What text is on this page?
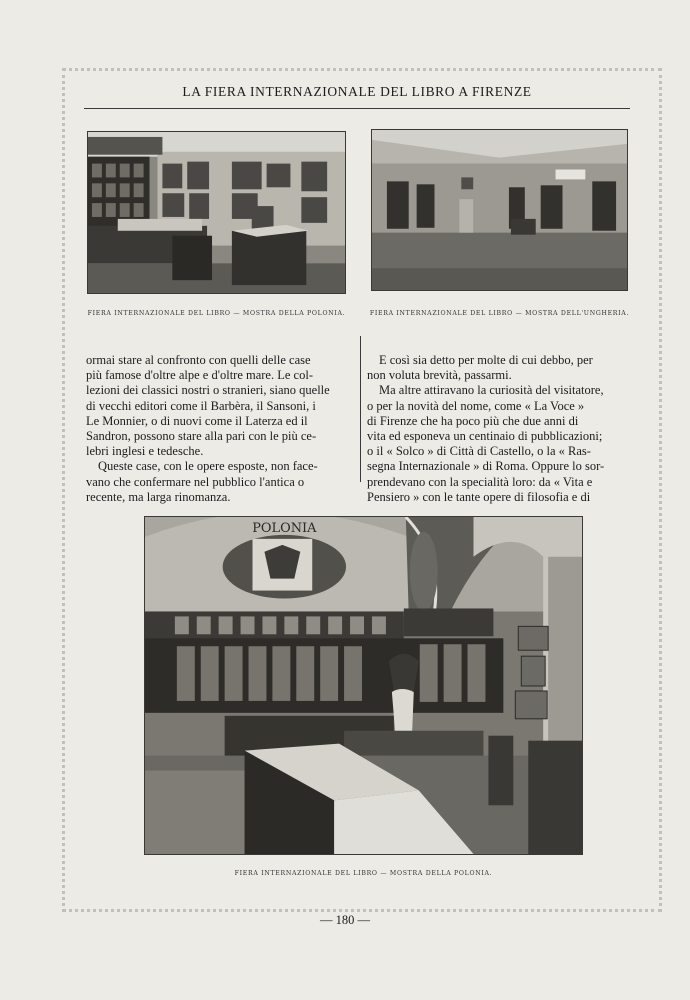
LA FIERA INTERNAZIONALE DEL LIBRO A FIRENZE
FIERA INTERNAZIONALE DEL LIBRO — MOSTRA DELLA POLONIA.	FIERA INTERNAZIONALE DEL LIBRO — MOSTRA DELL'UNGHERIA.

ormai stare al confronto con quelli delle case

più famose d'oltre alpe e d'oltre mare. Le col-

lezioni dei classici nostri o stranieri, siano quelle

di vecchi editori come il Barbèra, il Sansoni, i

Le Monnier, o di nuovi come il Laterza ed il

Sandron, possono stare alla pari con le più ce-

lebri inglesi e tedesche.

Queste case, con le opere esposte, non face-

vano che confermare nel pubblico l'antica o

recente, ma larga rinomanza.

E così sia detto per molte di cui debbo, per

non voluta brevità, passarmi.

Ma altre attiravano la curiosità del visitatore,

o per la novità del nome, come « La Voce »

di Firenze che ha poco più che due anni di

vita ed esponeva un centinaio di pubblicazioni;

o il « Solco » di Città di Castello, o la « Ras-

segna Internazionale » di Roma. Oppure lo sor-

prendevano con la specialità loro: da « Vita e

Pensiero » con le tante opere di filosofia e di

POLONIA
FIERA INTERNAZIONALE DEL LIBRO — MOSTRA DELLA POLONIA.
— 180 —
